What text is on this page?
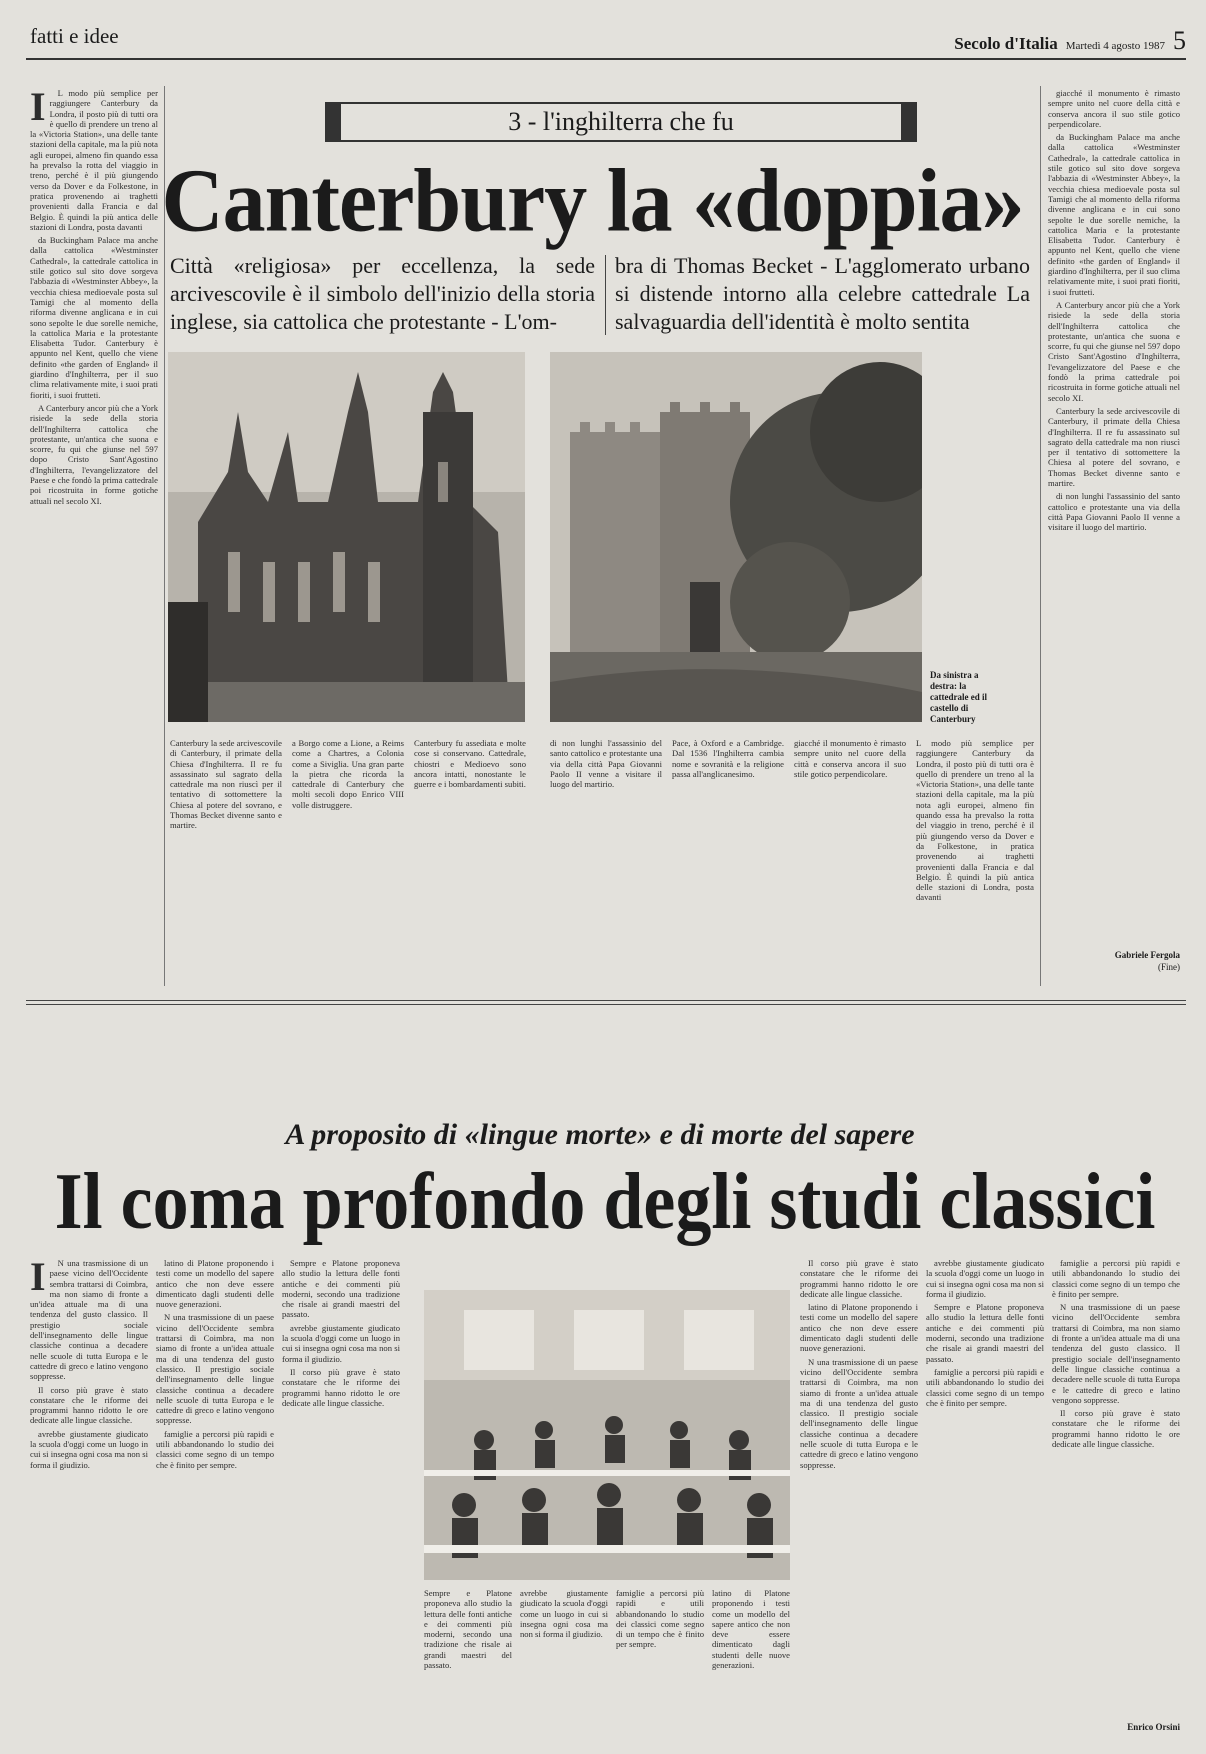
fatti e idee	Secolo d'Italia Martedì 4 agosto 1987 5
I	L modo più semplice per raggiungere Canterbury da Londra, il posto più di tutti ora è quello di prendere un treno al la «Victoria Station», una delle tante stazioni della capitale, ma la più nota agli europei, almeno fin quando essa ha prevalso la rotta del viaggio in treno, perché è il più giungendo verso da Dover e da Folkestone, in pratica provenendo ai traghetti provenienti dalla Francia e dal Belgio. È quindi la più antica delle stazioni di Londra, posta davanti

da Buckingham Palace ma anche dalla cattolica «Westminster Cathedral», la cattedrale cattolica in stile gotico sul sito dove sorgeva l'abbazia di «Westminster Abbey», la vecchia chiesa medioevale posta sul Tamigi che al momento della riforma divenne anglicana e in cui sono sepolte le due sorelle nemiche, la cattolica Maria e la protestante Elisabetta Tudor. Canterbury è appunto nel Kent, quello che viene definito «the garden of England» il giardino d'Inghilterra, per il suo clima relativamente mite, i suoi prati fioriti, i suoi frutteti.

A Canterbury ancor più che a York risiede la sede della storia dell'Inghilterra cattolica che protestante, un'antica che suona e scorre, fu qui che giunse nel 597 dopo Cristo Sant'Agostino d'Inghilterra, l'evangelizzatore del Paese e che fondò la prima cattedrale poi ricostruita in forme gotiche attuali nel secolo XI.

3 - l'inghilterra che fu
Canterbury la «doppia»
Città «religiosa» per eccellenza, la sede arcivescovile è il simbolo dell'inizio della storia inglese, sia cattolica che protestante - L'om-
bra di Thomas Becket - L'agglomerato urbano si distende intorno alla celebre cattedrale La salvaguardia dell'identità è molto sentita
Da sinistra a destra: la cattedrale ed il castello di Canterbury

giacché il monumento è rimasto sempre unito nel cuore della città e conserva ancora il suo stile gotico perpendicolare.

da Buckingham Palace ma anche dalla cattolica «Westminster Cathedral», la cattedrale cattolica in stile gotico sul sito dove sorgeva l'abbazia di «Westminster Abbey», la vecchia chiesa medioevale posta sul Tamigi che al momento della riforma divenne anglicana e in cui sono sepolte le due sorelle nemiche, la cattolica Maria e la protestante Elisabetta Tudor. Canterbury è appunto nel Kent, quello che viene definito «the garden of England» il giardino d'Inghilterra, per il suo clima relativamente mite, i suoi prati fioriti, i suoi frutteti.

A Canterbury ancor più che a York risiede la sede della storia dell'Inghilterra cattolica che protestante, un'antica che suona e scorre, fu qui che giunse nel 597 dopo Cristo Sant'Agostino d'Inghilterra, l'evangelizzatore del Paese e che fondò la prima cattedrale poi ricostruita in forme gotiche attuali nel secolo XI.

Canterbury la sede arcivescovile di Canterbury, il primate della Chiesa d'Inghilterra. Il re fu assassinato sul sagrato della cattedrale ma non riuscì per il tentativo di sottomettere la Chiesa al potere del sovrano, e Thomas Becket divenne santo e martire.

di non lunghi l'assassinio del santo cattolico e protestante una via della città Papa Giovanni Paolo II venne a visitare il luogo del martirio.

Gabriele Fergola
(Fine)
Canterbury la sede arcivescovile di Canterbury, il primate della Chiesa d'Inghilterra. Il re fu assassinato sul sagrato della cattedrale ma non riuscì per il tentativo di sottomettere la Chiesa al potere del sovrano, e Thomas Becket divenne santo e martire.
a Borgo come a Lione, a Reims come a Chartres, a Colonia come a Siviglia. Una gran parte la pietra che ricorda la cattedrale di Canterbury che molti secoli dopo Enrico VIII volle distruggere.
Canterbury fu assediata e molte cose si conservano. Cattedrale, chiostri e Medioevo sono ancora intatti, nonostante le guerre e i bombardamenti subiti.
di non lunghi l'assassinio del santo cattolico e protestante una via della città Papa Giovanni Paolo II venne a visitare il luogo del martirio.
Pace, à Oxford e a Cambridge. Dal 1536 l'Inghilterra cambia nome e sovranità e la religione passa all'anglicanesimo.
giacché il monumento è rimasto sempre unito nel cuore della città e conserva ancora il suo stile gotico perpendicolare.
L modo più semplice per raggiungere Canterbury da Londra, il posto più di tutti ora è quello di prendere un treno al la «Victoria Station», una delle tante stazioni della capitale, ma la più nota agli europei, almeno fin quando essa ha prevalso la rotta del viaggio in treno, perché è il più giungendo verso da Dover e da Folkestone, in pratica provenendo ai traghetti provenienti dalla Francia e dal Belgio. È quindi la più antica delle stazioni di Londra, posta davanti
A proposito di «lingue morte» e di morte del sapere
Il coma profondo degli studi classici
I	N una trasmissione di un paese vicino dell'Occidente sembra trattarsi di Coimbra, ma non siamo di fronte a un'idea attuale ma di una tendenza del gusto classico. Il prestigio sociale dell'insegnamento delle lingue classiche continua a decadere nelle scuole di tutta Europa e le cattedre di greco e latino vengono soppresse.

Il corso più grave è stato constatare che le riforme dei programmi hanno ridotto le ore dedicate alle lingue classiche.

avrebbe giustamente giudicato la scuola d'oggi come un luogo in cui si insegna ogni cosa ma non si forma il giudizio.

latino di Platone proponendo i testi come un modello del sapere antico che non deve essere dimenticato dagli studenti delle nuove generazioni.

N una trasmissione di un paese vicino dell'Occidente sembra trattarsi di Coimbra, ma non siamo di fronte a un'idea attuale ma di una tendenza del gusto classico. Il prestigio sociale dell'insegnamento delle lingue classiche continua a decadere nelle scuole di tutta Europa e le cattedre di greco e latino vengono soppresse.

famiglie a percorsi più rapidi e utili abbandonando lo studio dei classici come segno di un tempo che è finito per sempre.

Sempre e Platone proponeva allo studio la lettura delle fonti antiche e dei commenti più moderni, secondo una tradizione che risale ai grandi maestri del passato.

avrebbe giustamente giudicato la scuola d'oggi come un luogo in cui si insegna ogni cosa ma non si forma il giudizio.

Il corso più grave è stato constatare che le riforme dei programmi hanno ridotto le ore dedicate alle lingue classiche.

Sempre e Platone proponeva allo studio la lettura delle fonti antiche e dei commenti più moderni, secondo una tradizione che risale ai grandi maestri del passato.
avrebbe giustamente giudicato la scuola d'oggi come un luogo in cui si insegna ogni cosa ma non si forma il giudizio.
famiglie a percorsi più rapidi e utili abbandonando lo studio dei classici come segno di un tempo che è finito per sempre.
latino di Platone proponendo i testi come un modello del sapere antico che non deve essere dimenticato dagli studenti delle nuove generazioni.

Il corso più grave è stato constatare che le riforme dei programmi hanno ridotto le ore dedicate alle lingue classiche.

latino di Platone proponendo i testi come un modello del sapere antico che non deve essere dimenticato dagli studenti delle nuove generazioni.

N una trasmissione di un paese vicino dell'Occidente sembra trattarsi di Coimbra, ma non siamo di fronte a un'idea attuale ma di una tendenza del gusto classico. Il prestigio sociale dell'insegnamento delle lingue classiche continua a decadere nelle scuole di tutta Europa e le cattedre di greco e latino vengono soppresse.

avrebbe giustamente giudicato la scuola d'oggi come un luogo in cui si insegna ogni cosa ma non si forma il giudizio.

Sempre e Platone proponeva allo studio la lettura delle fonti antiche e dei commenti più moderni, secondo una tradizione che risale ai grandi maestri del passato.

famiglie a percorsi più rapidi e utili abbandonando lo studio dei classici come segno di un tempo che è finito per sempre.

famiglie a percorsi più rapidi e utili abbandonando lo studio dei classici come segno di un tempo che è finito per sempre.

N una trasmissione di un paese vicino dell'Occidente sembra trattarsi di Coimbra, ma non siamo di fronte a un'idea attuale ma di una tendenza del gusto classico. Il prestigio sociale dell'insegnamento delle lingue classiche continua a decadere nelle scuole di tutta Europa e le cattedre di greco e latino vengono soppresse.

Il corso più grave è stato constatare che le riforme dei programmi hanno ridotto le ore dedicate alle lingue classiche.

Enrico Orsini
